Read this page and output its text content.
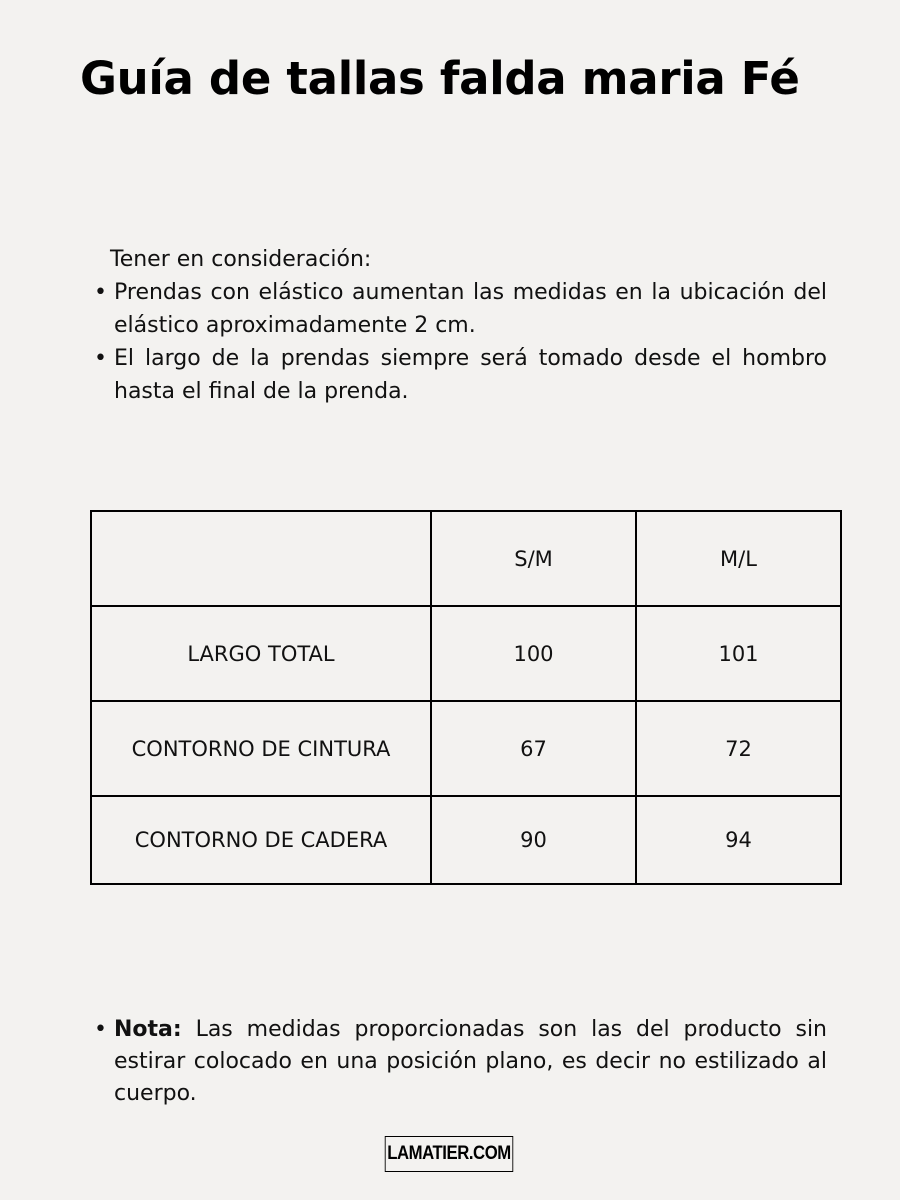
Guía de tallas falda maria Fé
Tener en consideración:
• Prendas con elástico aumentan las medidas en la ubicación del elástico aproximadamente 2 cm.
• El largo de la prendas siempre será tomado desde el hombro hasta el final de la prenda.
	S/M	M/L
LARGO TOTAL	100	101
CONTORNO DE CINTURA	67	72
CONTORNO DE CADERA	90	94
• Nota: Las medidas proporcionadas son las del producto sin estirar colocado en una posición plano, es decir no estilizado al cuerpo.
LAMATIER.COM
